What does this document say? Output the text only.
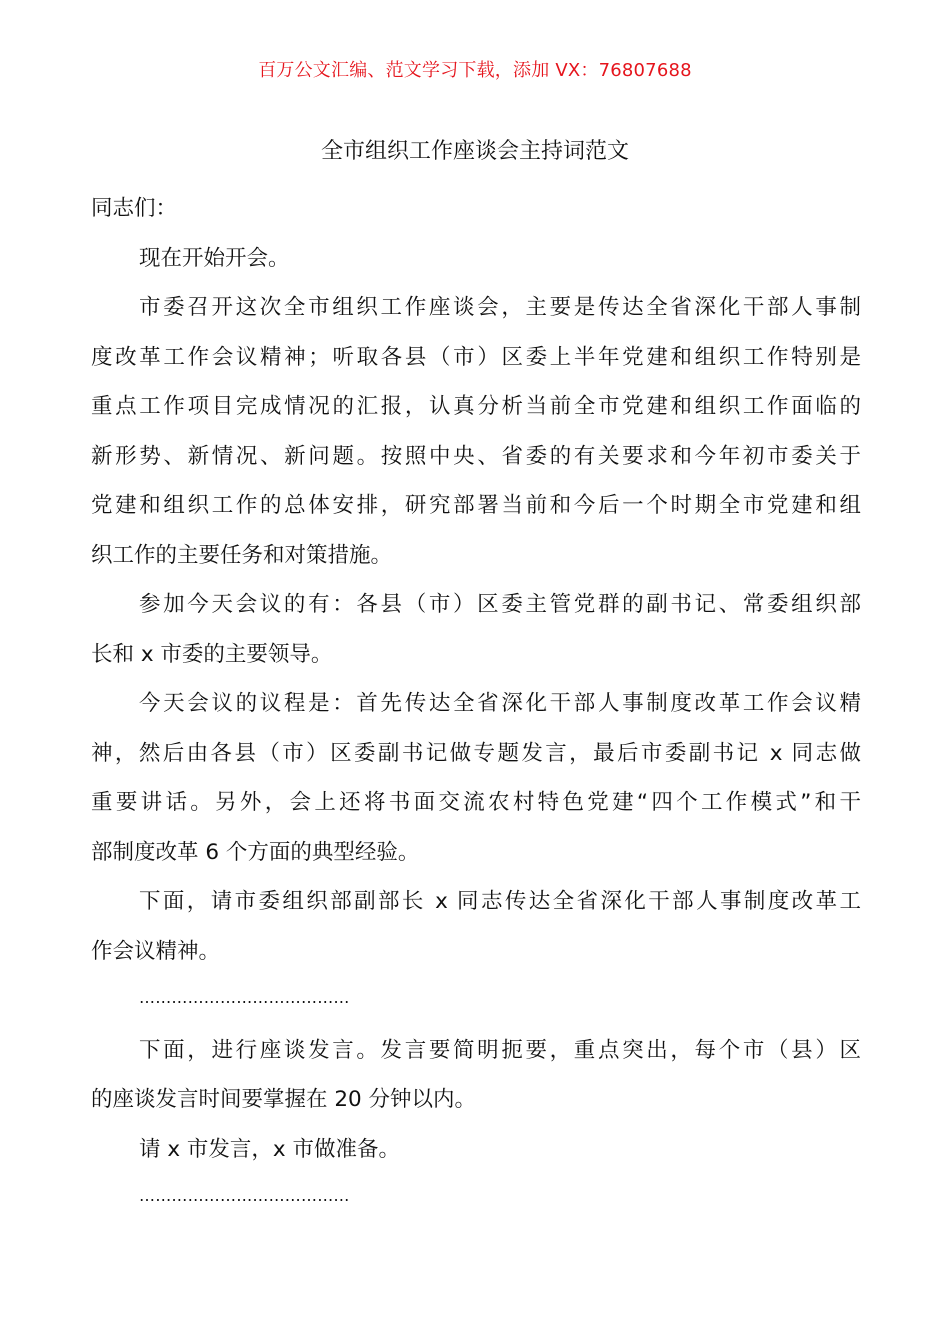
百万公文汇编、范文学习下载，添加 VX：76807688
全市组织工作座谈会主持词范文
同志们：
现在开始开会。
市委召开这次全市组织工作座谈会，主要是传达全省深化干部人事制
度改革工作会议精神；听取各县（市）区委上半年党建和组织工作特别是
重点工作项目完成情况的汇报，认真分析当前全市党建和组织工作面临的
新形势、新情况、新问题。按照中央、省委的有关要求和今年初市委关于
党建和组织工作的总体安排，研究部署当前和今后一个时期全市党建和组
织工作的主要任务和对策措施。
参加今天会议的有：各县（市）区委主管党群的副书记、常委组织部
长和 x 市委的主要领导。
今天会议的议程是：首先传达全省深化干部人事制度改革工作会议精
神，然后由各县（市）区委副书记做专题发言，最后市委副书记 x 同志做
重要讲话。另外，会上还将书面交流农村特色党建“四个工作模式”和干
部制度改革 6 个方面的典型经验。
下面，请市委组织部副部长 x 同志传达全省深化干部人事制度改革工
作会议精神。
…………………………………
下面，进行座谈发言。发言要简明扼要，重点突出，每个市（县）区
的座谈发言时间要掌握在 20 分钟以内。
请 x 市发言，x 市做准备。
…………………………………
